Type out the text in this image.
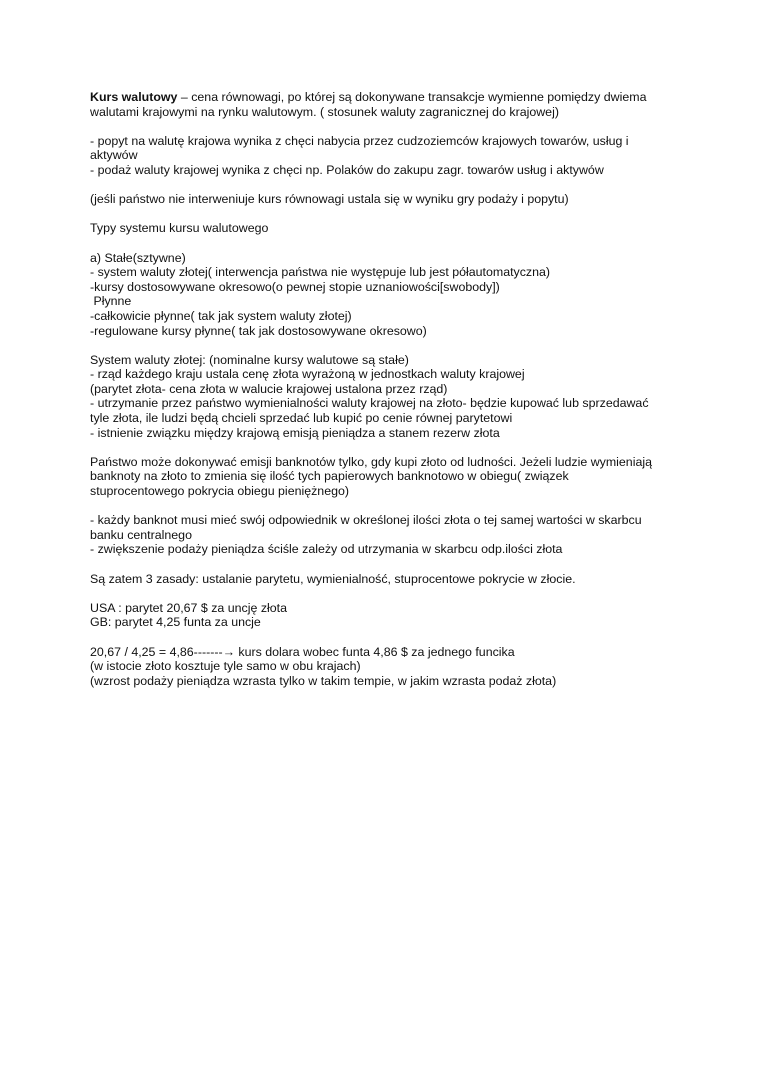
Kurs walutowy – cena równowagi, po której są dokonywane transakcje wymienne pomiędzy dwiema
walutami krajowymi na rynku walutowym. ( stosunek waluty zagranicznej do krajowej)
- popyt na walutę krajowa wynika z chęci nabycia przez cudzoziemców krajowych towarów, usług i
aktywów
- podaż waluty krajowej wynika z chęci np. Polaków do zakupu zagr. towarów usług i aktywów
(jeśli państwo nie interweniuje kurs równowagi ustala się w wyniku gry podaży i popytu)
Typy systemu kursu walutowego
a) Stałe(sztywne)
- system waluty złotej( interwencja państwa nie występuje lub jest półautomatyczna)
-kursy dostosowywane okresowo(o pewnej stopie uznaniowości[swobody])
Płynne
-całkowicie płynne( tak jak system waluty złotej)
-regulowane kursy płynne( tak jak dostosowywane okresowo)
System waluty złotej: (nominalne kursy walutowe są stałe)
- rząd każdego kraju ustala cenę złota wyrażoną w jednostkach waluty krajowej
(parytet złota- cena złota w walucie krajowej ustalona przez rząd)
- utrzymanie przez państwo wymienialności waluty krajowej na złoto- będzie kupować lub sprzedawać
tyle złota, ile ludzi będą chcieli sprzedać lub kupić po cenie równej parytetowi
- istnienie związku między krajową emisją pieniądza a stanem rezerw złota
Państwo może dokonywać emisji banknotów tylko, gdy kupi złoto od ludności. Jeżeli ludzie wymieniają
banknoty na złoto to zmienia się ilość tych papierowych banknotowo w obiegu( związek
stuprocentowego pokrycia obiegu pieniężnego)
- każdy banknot musi mieć swój odpowiednik w określonej ilości złota o tej samej wartości w skarbcu
banku centralnego
- zwiększenie podaży pieniądza ściśle zależy od utrzymania w skarbcu odp.ilości złota
Są zatem 3 zasady: ustalanie parytetu, wymienialność, stuprocentowe pokrycie w złocie.
USA : parytet 20,67 $ za uncję złota
GB: parytet 4,25 funta za uncje
20,67 / 4,25 = 4,86-------→ kurs dolara wobec funta 4,86 $ za jednego funcika
(w istocie złoto kosztuje tyle samo w obu krajach)
(wzrost podaży pieniądza wzrasta tylko w takim tempie, w jakim wzrasta podaż złota)
